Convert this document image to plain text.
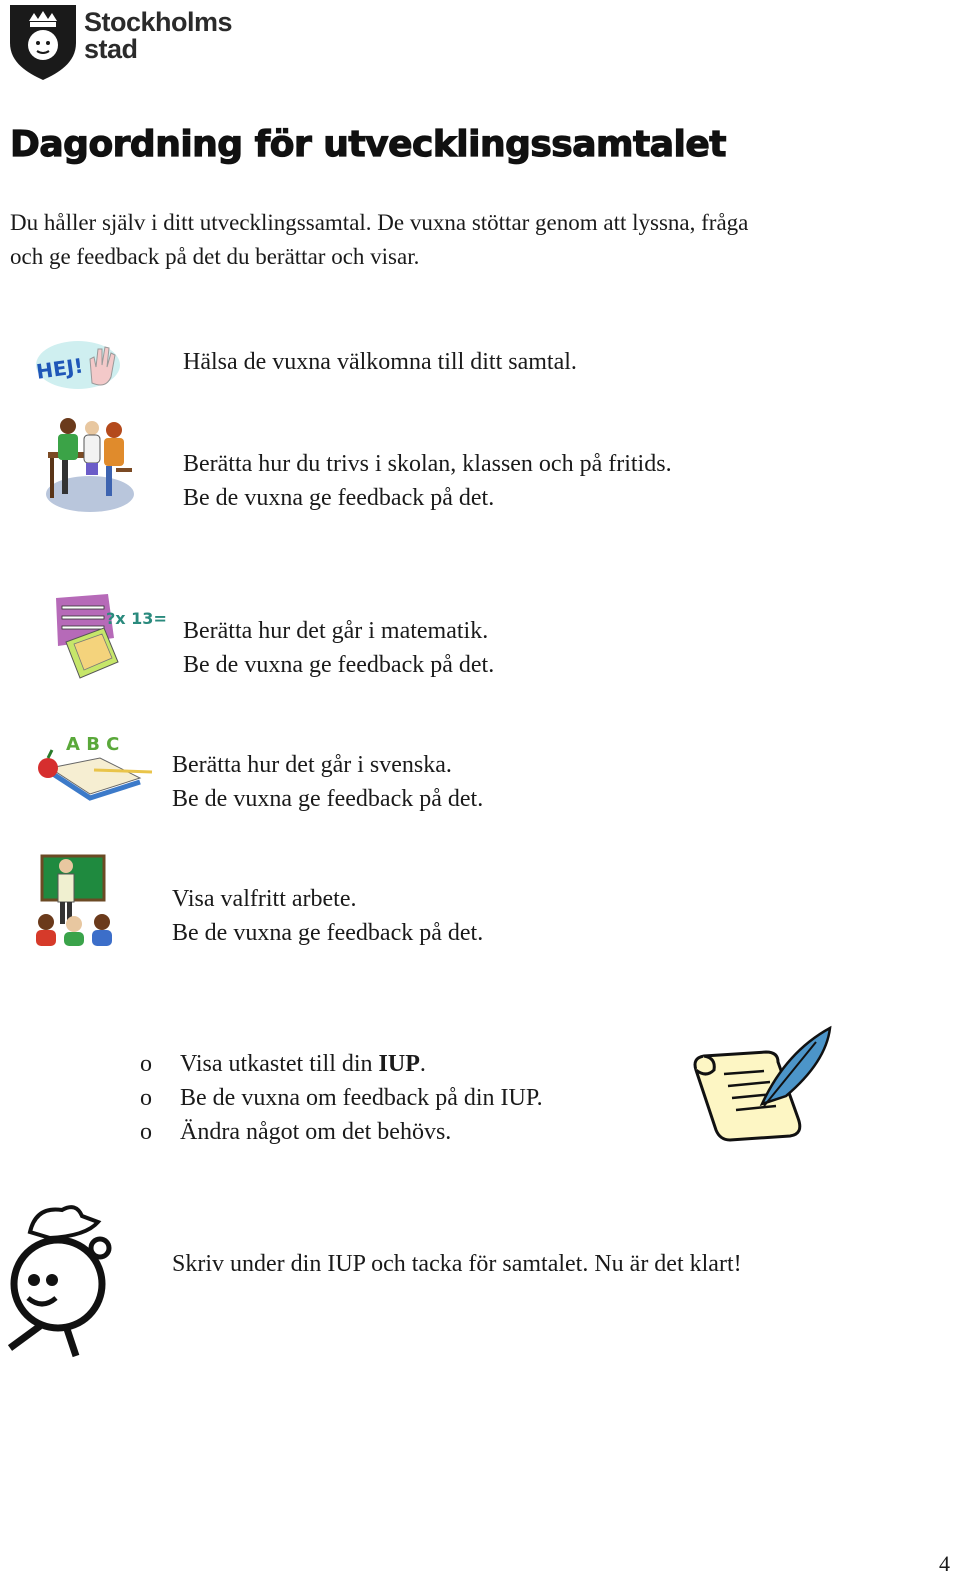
Stockholms
stad
Dagordning för utvecklingssamtalet
Du håller själv i ditt utvecklingssamtal. De vuxna stöttar genom att lyssna, fråga
och ge feedback på det du berättar och visar.
HEJ!	Hälsa de vuxna välkomna till ditt samtal.
Berätta hur du trivs i skolan, klassen och på fritids.
Be de vuxna ge feedback på det.
?x 13= Berätta hur det går i matematik.
Be de vuxna ge feedback på det.
A B C
Berätta hur det går i svenska.
Be de vuxna ge feedback på det.
Visa valfritt arbete.
Be de vuxna ge feedback på det.
o	Visa utkastet till din IUP.
o	Be de vuxna om feedback på din IUP.
o	Ändra något om det behövs.
Skriv under din IUP och tacka för samtalet. Nu är det klart!
4
